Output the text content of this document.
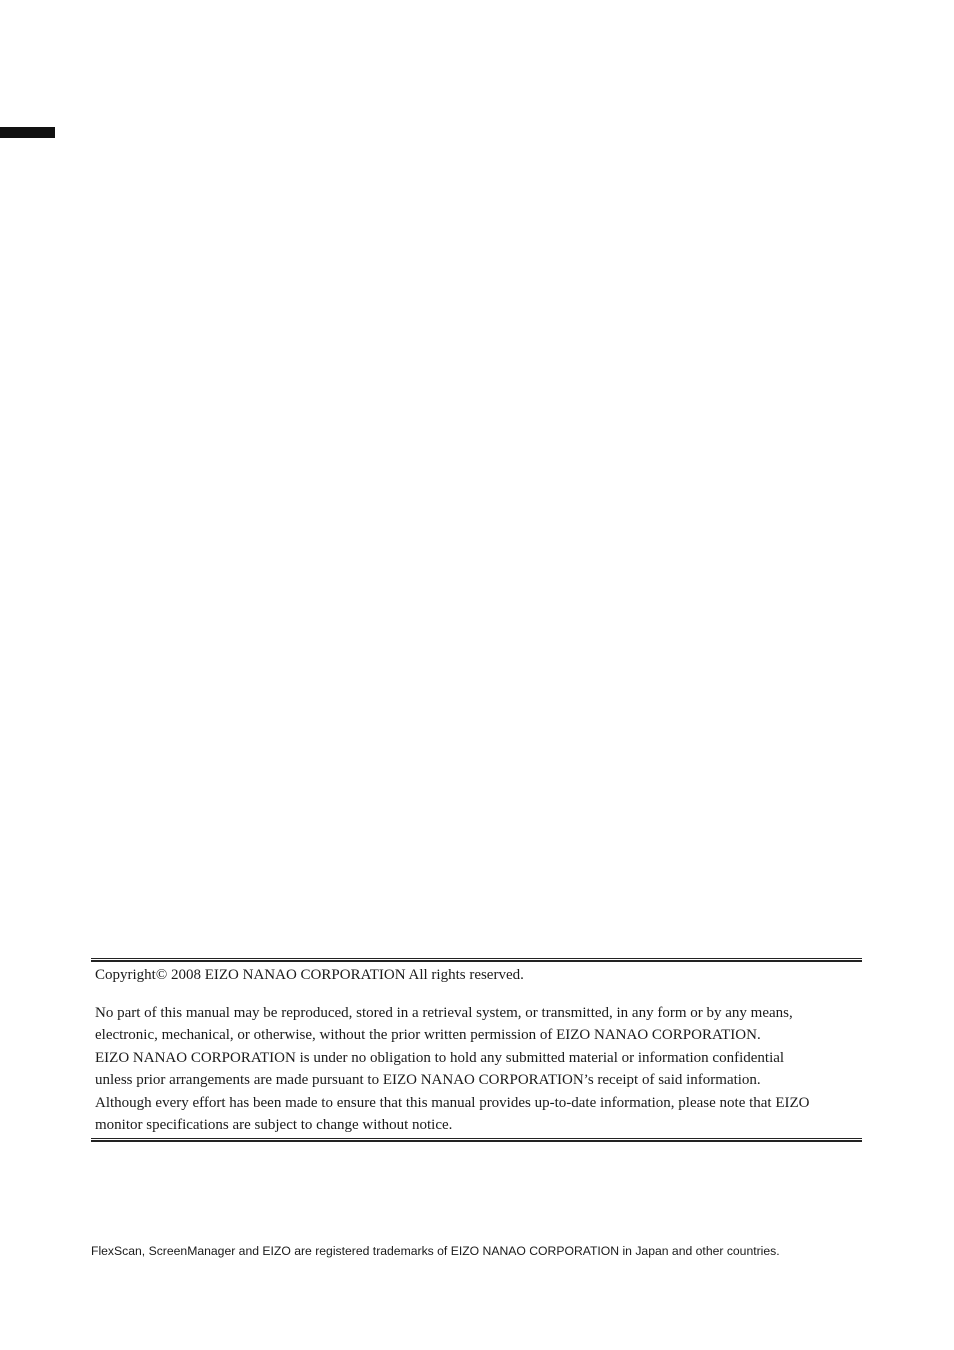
Copyright© 2008 EIZO NANAO CORPORATION All rights reserved.

No part of this manual may be reproduced, stored in a retrieval system, or transmitted, in any form or by any means,

electronic, mechanical, or otherwise, without the prior written permission of EIZO NANAO CORPORATION.

EIZO NANAO CORPORATION is under no obligation to hold any submitted material or information confidential

unless prior arrangements are made pursuant to EIZO NANAO CORPORATION’s receipt of said information.

Although every effort has been made to ensure that this manual provides up-to-date information, please note that EIZO

monitor specifications are subject to change without notice.

FlexScan, ScreenManager and EIZO are registered trademarks of EIZO NANAO CORPORATION in Japan and other countries.
